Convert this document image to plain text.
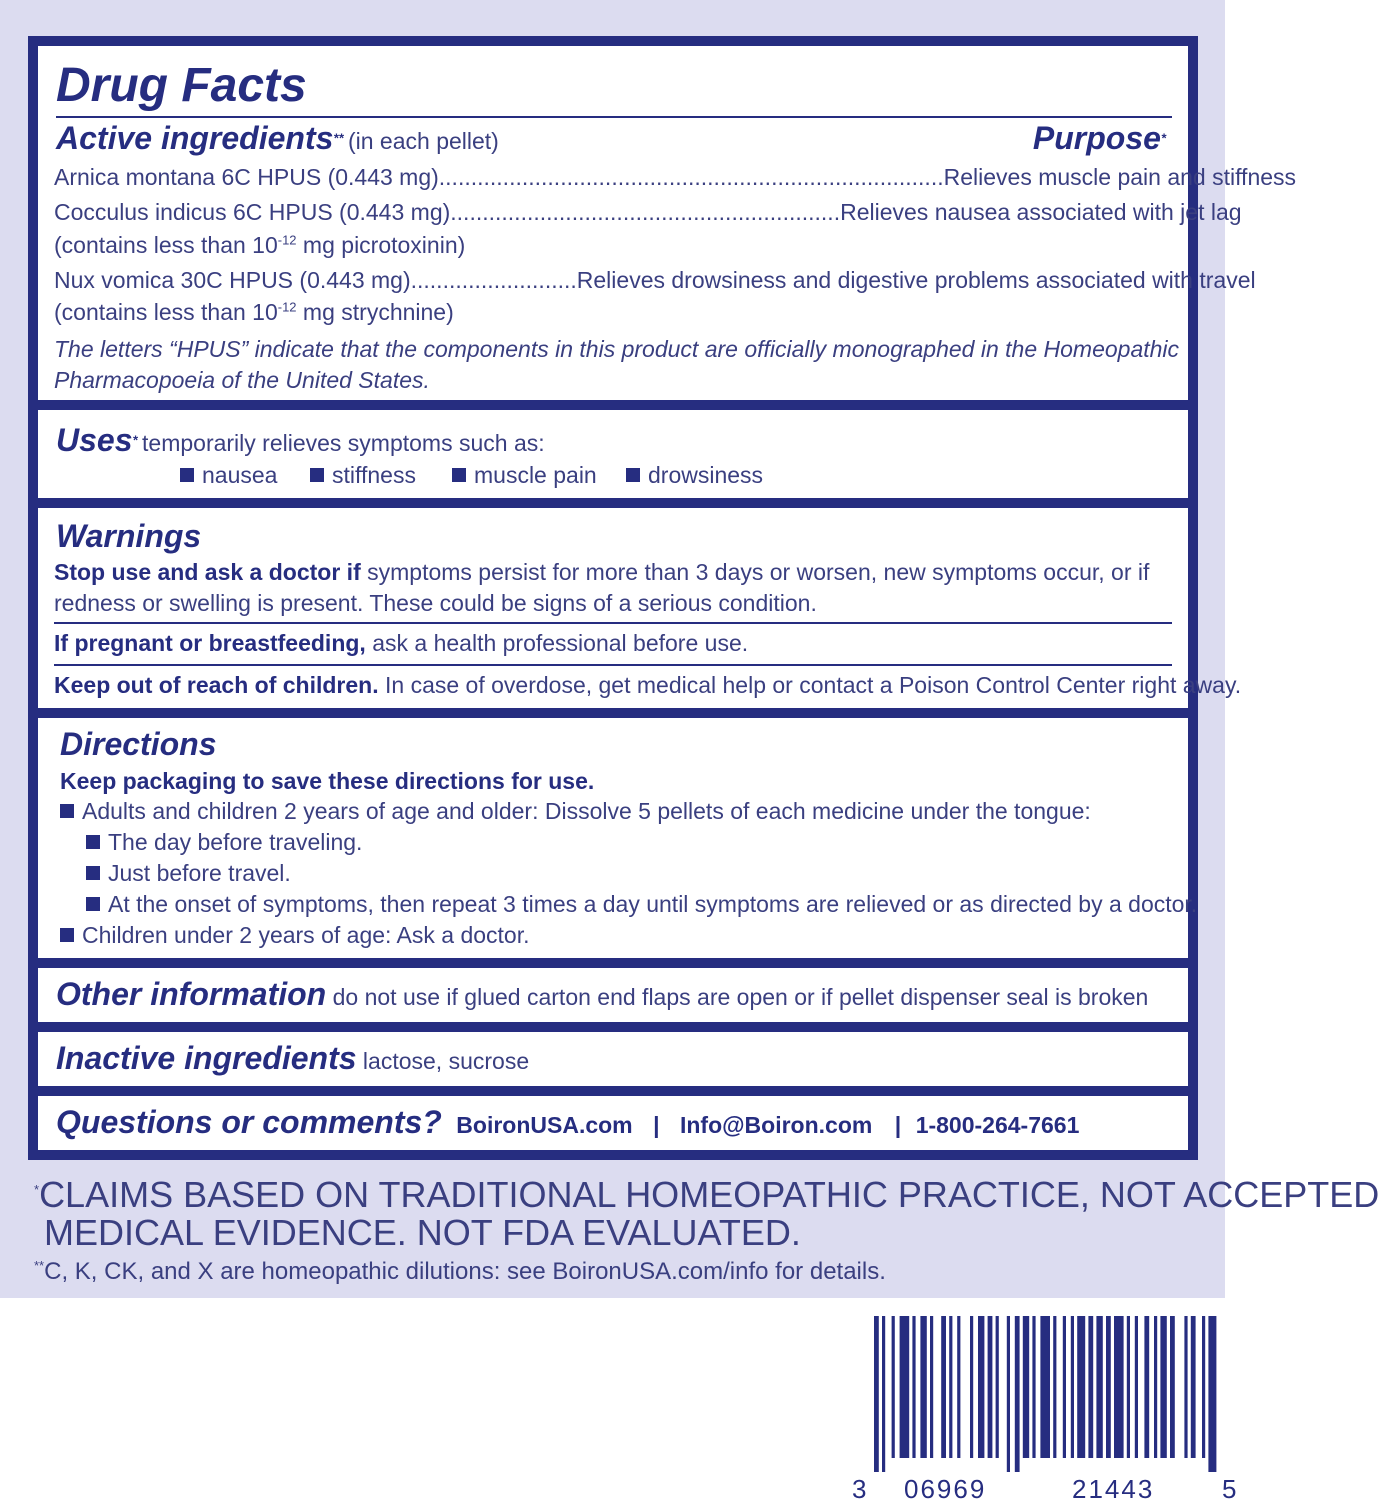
Drug Facts
Active ingredients** (in each pellet)	Purpose*
Arnica montana 6C HPUS (0.443 mg) ............................................................................... Relieves muscle pain and stiffness
Cocculus indicus 6C HPUS (0.443 mg) ............................................................. Relieves nausea associated with jet lag
(contains less than $10^{-12}$ mg picrotoxinin)
Nux vomica 30C HPUS (0.443 mg) .......................... Relieves drowsiness and digestive problems associated with travel
(contains less than $10^{-12}$ mg strychnine)
The letters “HPUS” indicate that the components in this product are officially monographed in the Homeopathic
Pharmacopoeia of the United States.
Uses* temporarily relieves symptoms such as:
nausea	stiffness	muscle pain	drowsiness
Warnings
Stop use and ask a doctor if symptoms persist for more than 3 days or worsen, new symptoms occur, or if
redness or swelling is present. These could be signs of a serious condition.
If pregnant or breastfeeding, ask a health professional before use.
Keep out of reach of children. In case of overdose, get medical help or contact a Poison Control Center right away.
Directions
Keep packaging to save these directions for use.
Adults and children 2 years of age and older: Dissolve 5 pellets of each medicine under the tongue:
The day before traveling.
Just before travel.
At the onset of symptoms, then repeat 3 times a day until symptoms are relieved or as directed by a doctor.
Children under 2 years of age: Ask a doctor.
Other information do not use if glued carton end flaps are open or if pellet dispenser seal is broken
Inactive ingredients lactose, sucrose
Questions or comments? BoironUSA.com | Info@Boiron.com | 1-800-264-7661
*CLAIMS BASED ON TRADITIONAL HOMEOPATHIC PRACTICE, NOT ACCEPTED
MEDICAL EVIDENCE. NOT FDA EVALUATED.
**C, K, CK, and X are homeopathic dilutions: see BoironUSA.com/info for details.
3 06969	21443	5
